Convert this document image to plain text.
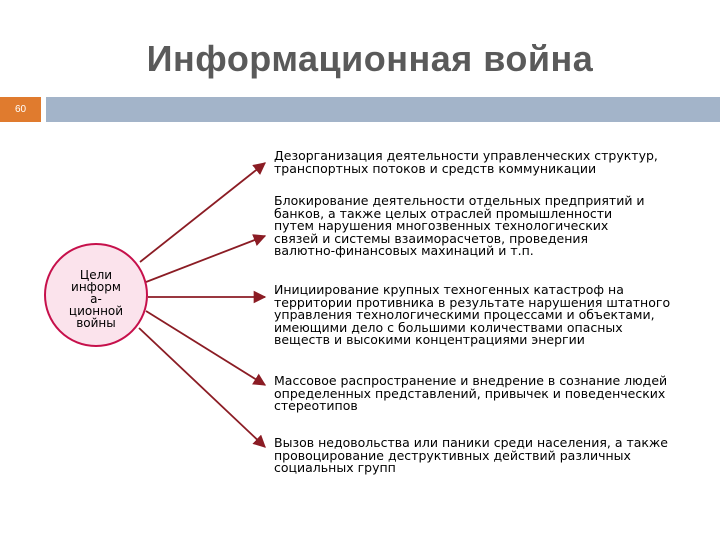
Информационная война
60
Цели
информ
а-
ционной
войны
Дезорганизация деятельности управленческих структур,
транспортных потоков и средств коммуникации
Блокирование деятельности отдельных предприятий и
банков, а также целых отраслей промышленности
путем нарушения многозвенных технологических
связей и системы взаиморасчетов, проведения
валютно-финансовых махинаций и т.п.
Инициирование крупных техногенных катастроф на
территории противника в результате нарушения штатного
управления технологическими процессами и объектами,
имеющими дело с большими количествами опасных
веществ и высокими концентрациями энергии
Массовое распространение и внедрение в сознание людей
определенных представлений, привычек и поведенческих
стереотипов
Вызов недовольства или паники среди населения, а также
провоцирование деструктивных действий различных
социальных групп
